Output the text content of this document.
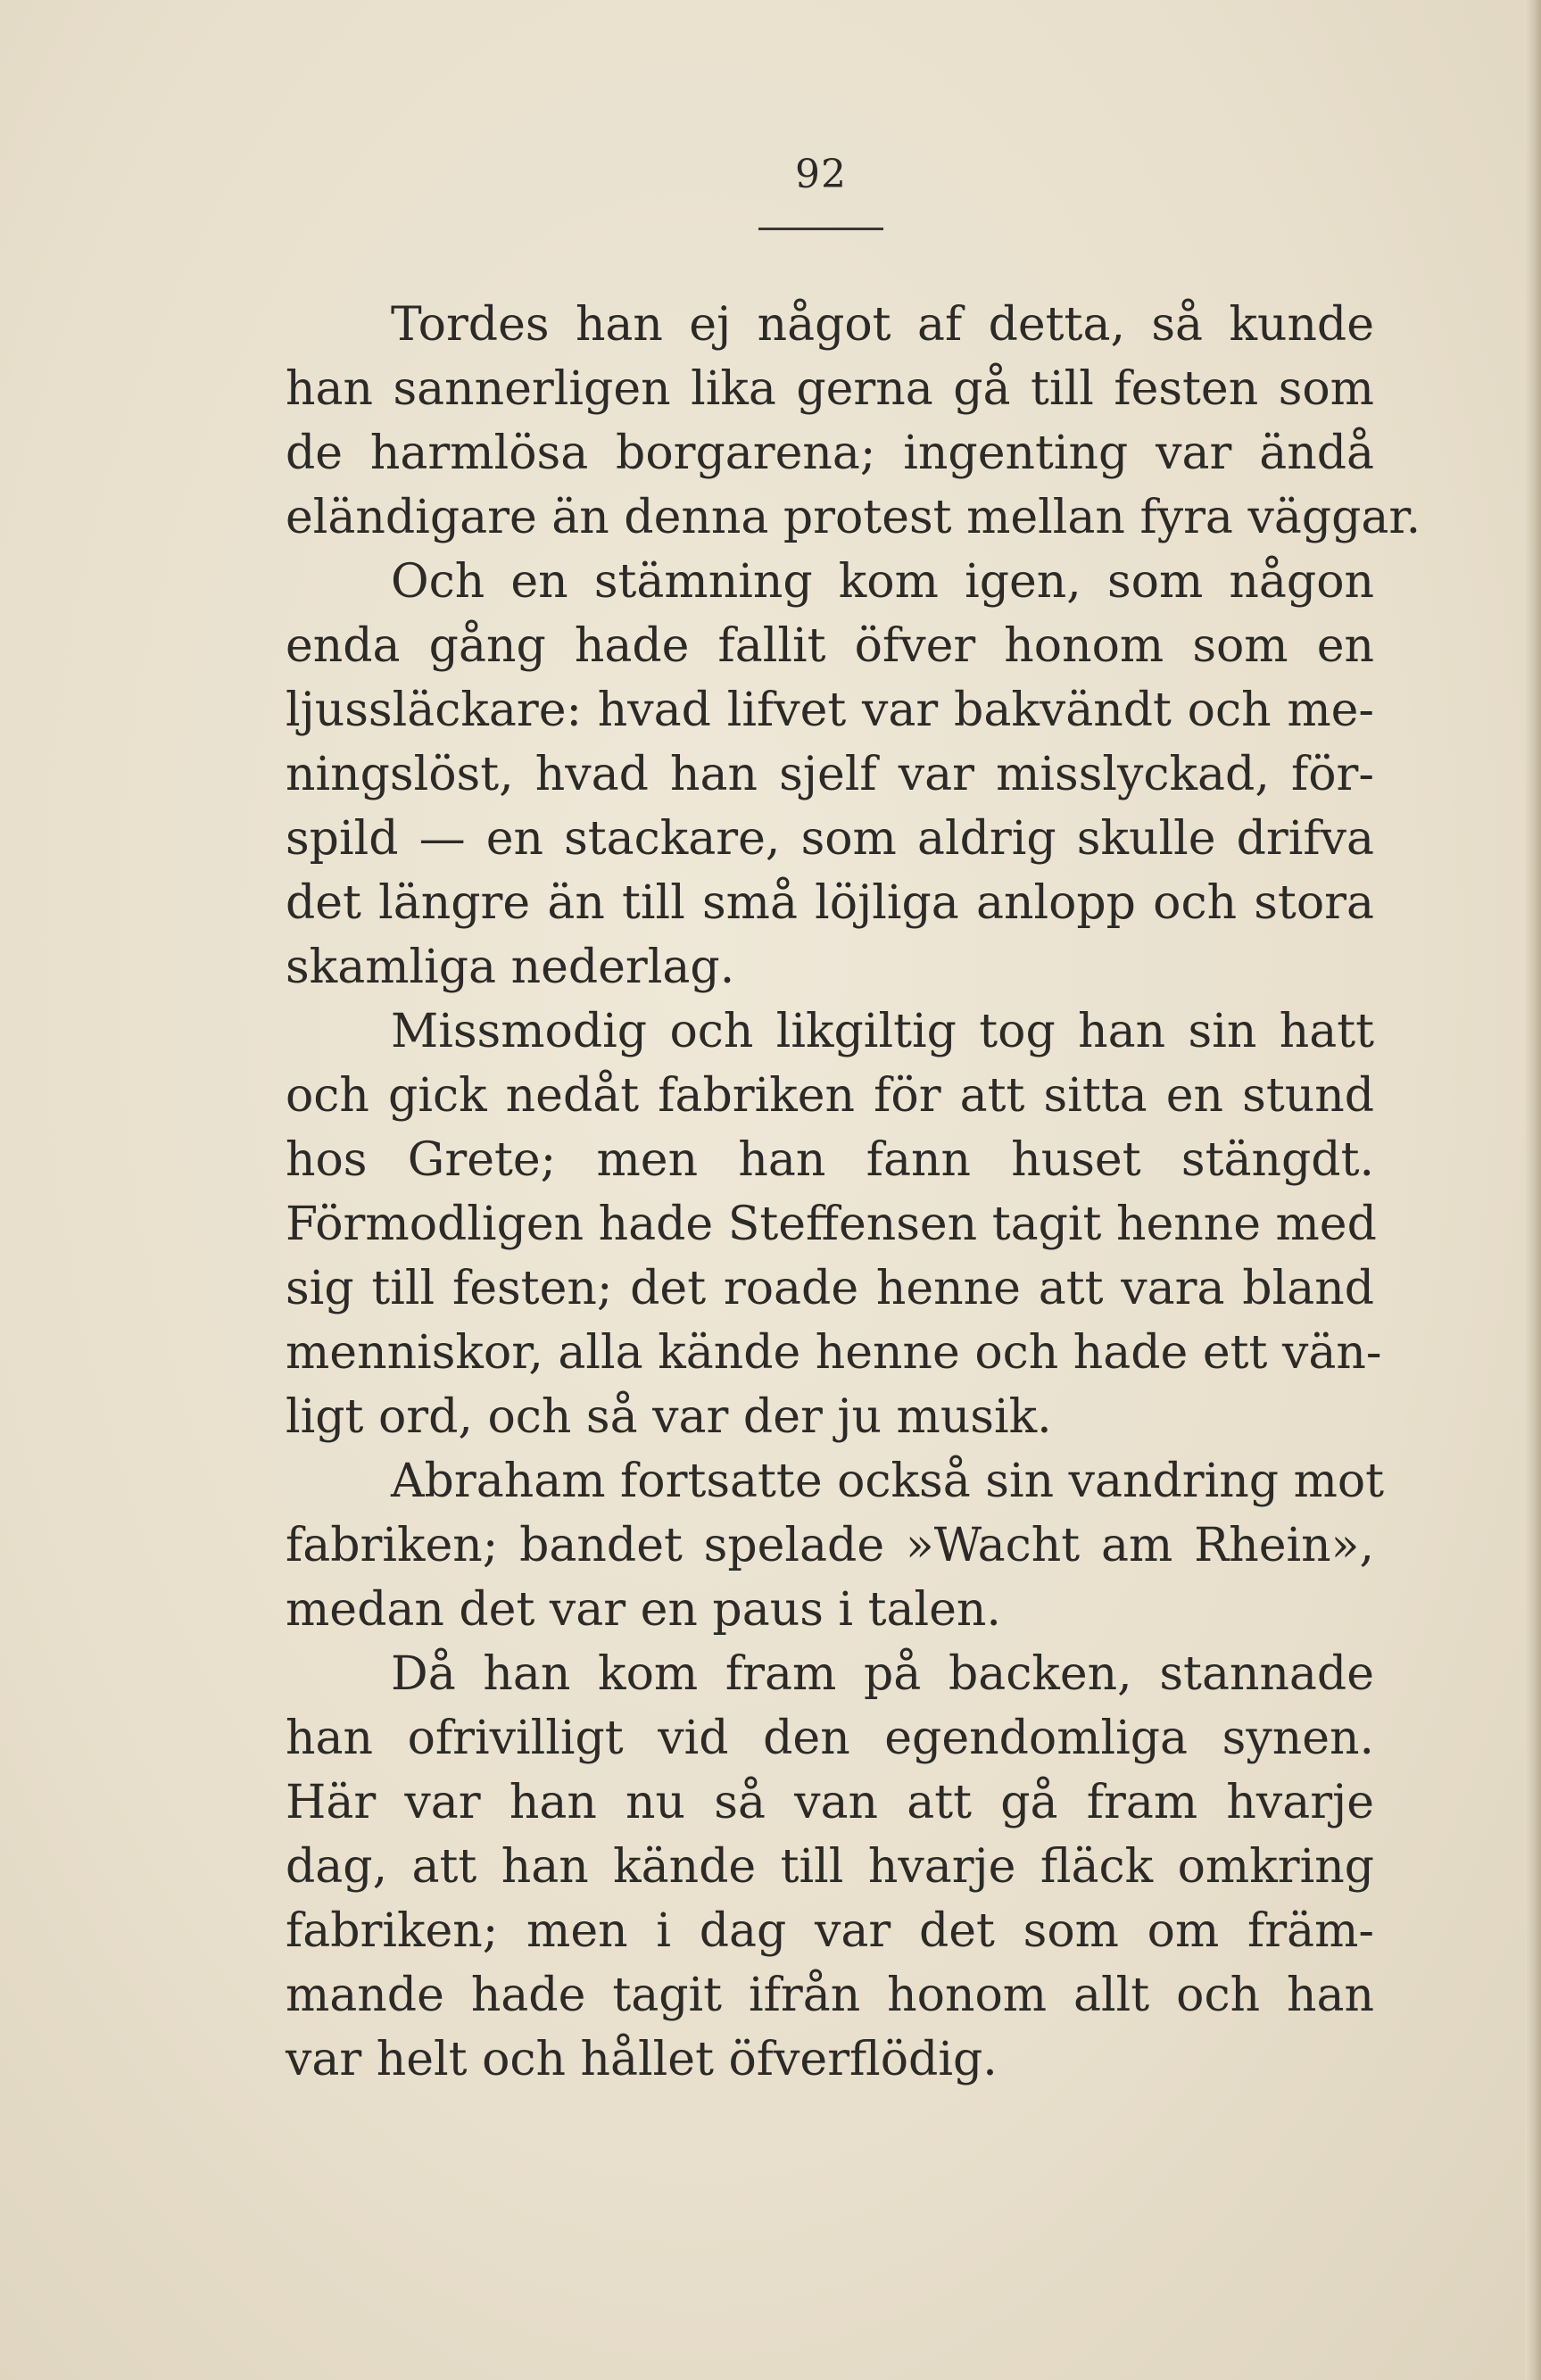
92
Tordes han ej något af detta, så kunde
han sannerligen lika gerna gå till festen som
de harmlösa borgarena; ingenting var ändå
eländigare än denna protest mellan fyra väggar.
Och en stämning kom igen, som någon
enda gång hade fallit öfver honom som en
ljussläckare: hvad lifvet var bakvändt och me-
ningslöst, hvad han sjelf var misslyckad, för-
spild — en stackare, som aldrig skulle drifva
det längre än till små löjliga anlopp och stora
skamliga nederlag.
Missmodig och likgiltig tog han sin hatt
och gick nedåt fabriken för att sitta en stund
hos Grete; men han fann huset stängdt.
Förmodligen hade Steffensen tagit henne med
sig till festen; det roade henne att vara bland
menniskor, alla kände henne och hade ett vän-
ligt ord, och så var der ju musik.
Abraham fortsatte också sin vandring mot
fabriken; bandet spelade »Wacht am Rhein»,
medan det var en paus i talen.
Då han kom fram på backen, stannade
han ofrivilligt vid den egendomliga synen.
Här var han nu så van att gå fram hvarje
dag, att han kände till hvarje fläck omkring
fabriken; men i dag var det som om främ-
mande hade tagit ifrån honom allt och han
var helt och hållet öfverflödig.
